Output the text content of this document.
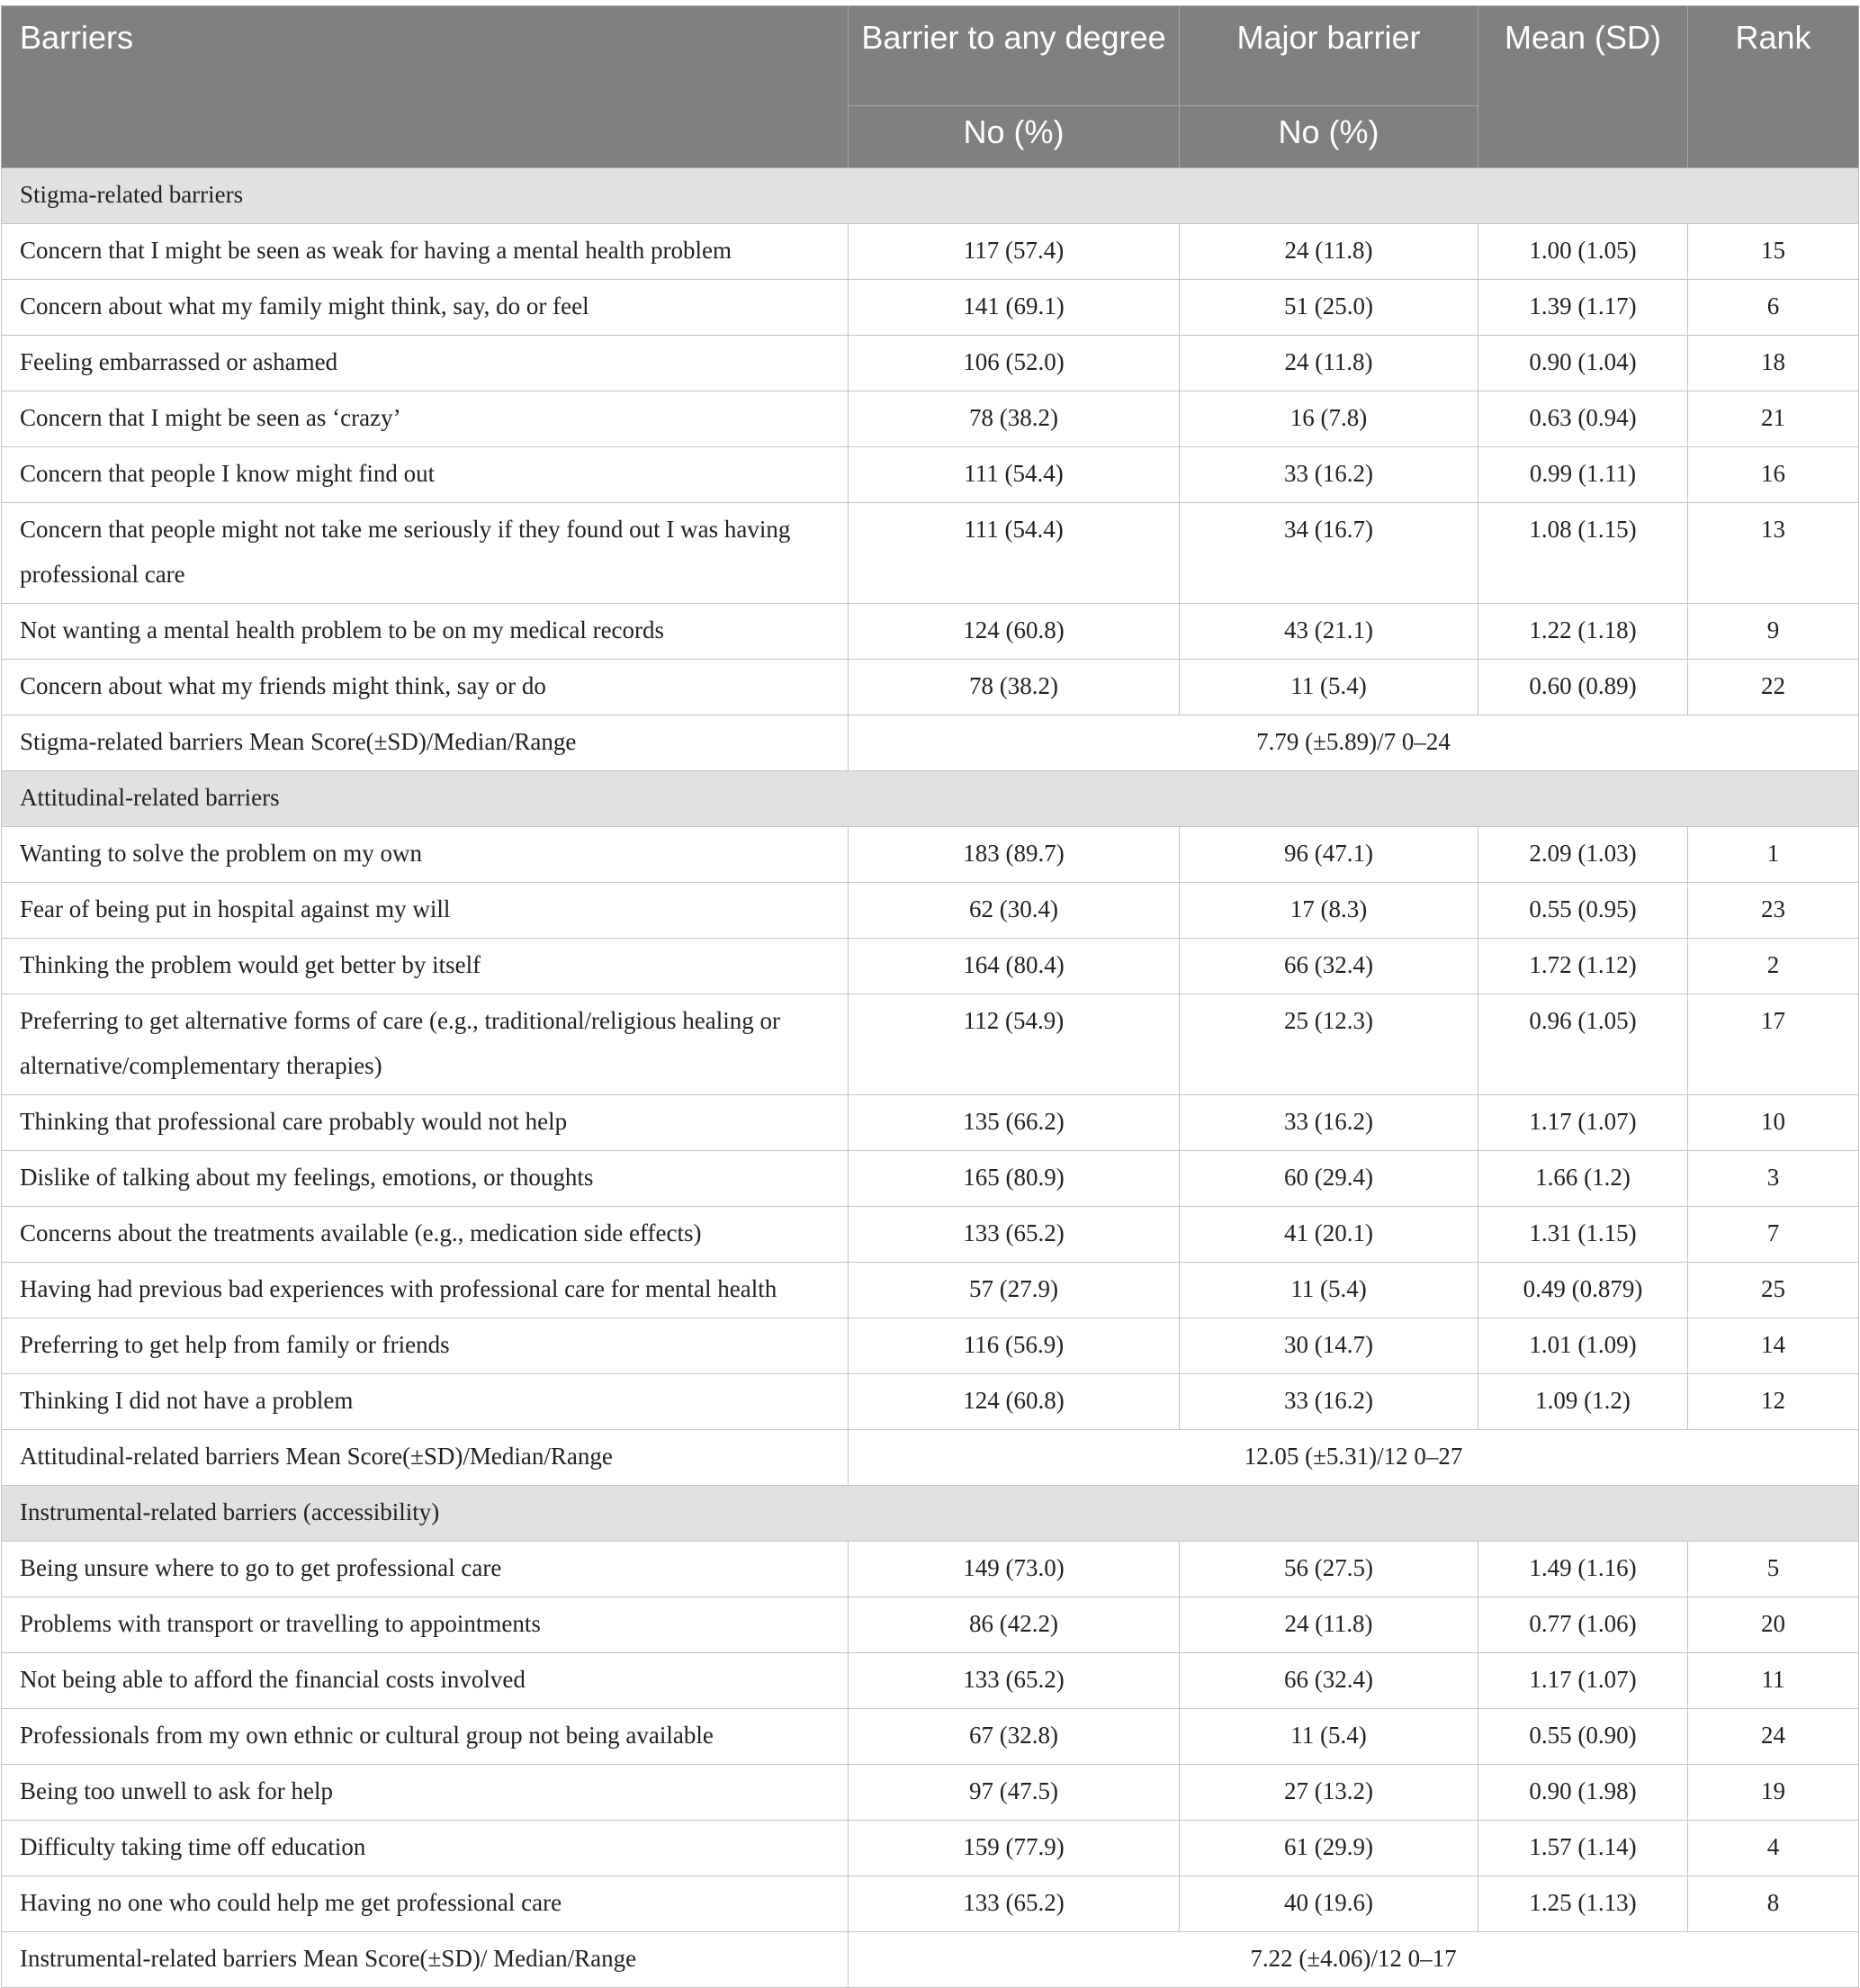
Barriers	Barrier to any degree	Major barrier	Mean (SD)	Rank
	No (%)	No (%)		
Stigma-related barriers				
Concern that I might be seen as weak for having a mental health problem	117 (57.4)	24 (11.8)	1.00 (1.05)	15
Concern about what my family might think, say, do or feel	141 (69.1)	51 (25.0)	1.39 (1.17)	6
Feeling embarrassed or ashamed	106 (52.0)	24 (11.8)	0.90 (1.04)	18
Concern that I might be seen as ‘crazy’	78 (38.2)	16 (7.8)	0.63 (0.94)	21
Concern that people I know might find out	111 (54.4)	33 (16.2)	0.99 (1.11)	16
Concern that people might not take me seriously if they found out I was having professional care	111 (54.4)	34 (16.7)	1.08 (1.15)	13
Not wanting a mental health problem to be on my medical records	124 (60.8)	43 (21.1)	1.22 (1.18)	9
Concern about what my friends might think, say or do	78 (38.2)	11 (5.4)	0.60 (0.89)	22
Stigma-related barriers Mean Score(±SD)/Median/Range	7.79 (±5.89)/7 0–24			
Attitudinal-related barriers				
Wanting to solve the problem on my own	183 (89.7)	96 (47.1)	2.09 (1.03)	1
Fear of being put in hospital against my will	62 (30.4)	17 (8.3)	0.55 (0.95)	23
Thinking the problem would get better by itself	164 (80.4)	66 (32.4)	1.72 (1.12)	2
Preferring to get alternative forms of care (e.g., traditional/religious healing or alternative/complementary therapies)	112 (54.9)	25 (12.3)	0.96 (1.05)	17
Thinking that professional care probably would not help	135 (66.2)	33 (16.2)	1.17 (1.07)	10
Dislike of talking about my feelings, emotions, or thoughts	165 (80.9)	60 (29.4)	1.66 (1.2)	3
Concerns about the treatments available (e.g., medication side effects)	133 (65.2)	41 (20.1)	1.31 (1.15)	7
Having had previous bad experiences with professional care for mental health	57 (27.9)	11 (5.4)	0.49 (0.879)	25
Preferring to get help from family or friends	116 (56.9)	30 (14.7)	1.01 (1.09)	14
Thinking I did not have a problem	124 (60.8)	33 (16.2)	1.09 (1.2)	12
Attitudinal-related barriers Mean Score(±SD)/Median/Range	12.05 (±5.31)/12 0–27			
Instrumental-related barriers (accessibility)				
Being unsure where to go to get professional care	149 (73.0)	56 (27.5)	1.49 (1.16)	5
Problems with transport or travelling to appointments	86 (42.2)	24 (11.8)	0.77 (1.06)	20
Not being able to afford the financial costs involved	133 (65.2)	66 (32.4)	1.17 (1.07)	11
Professionals from my own ethnic or cultural group not being available	67 (32.8)	11 (5.4)	0.55 (0.90)	24
Being too unwell to ask for help	97 (47.5)	27 (13.2)	0.90 (1.98)	19
Difficulty taking time off education	159 (77.9)	61 (29.9)	1.57 (1.14)	4
Having no one who could help me get professional care	133 (65.2)	40 (19.6)	1.25 (1.13)	8
Instrumental-related barriers Mean Score(±SD)/ Median/Range	7.22 (±4.06)/12 0–17			
